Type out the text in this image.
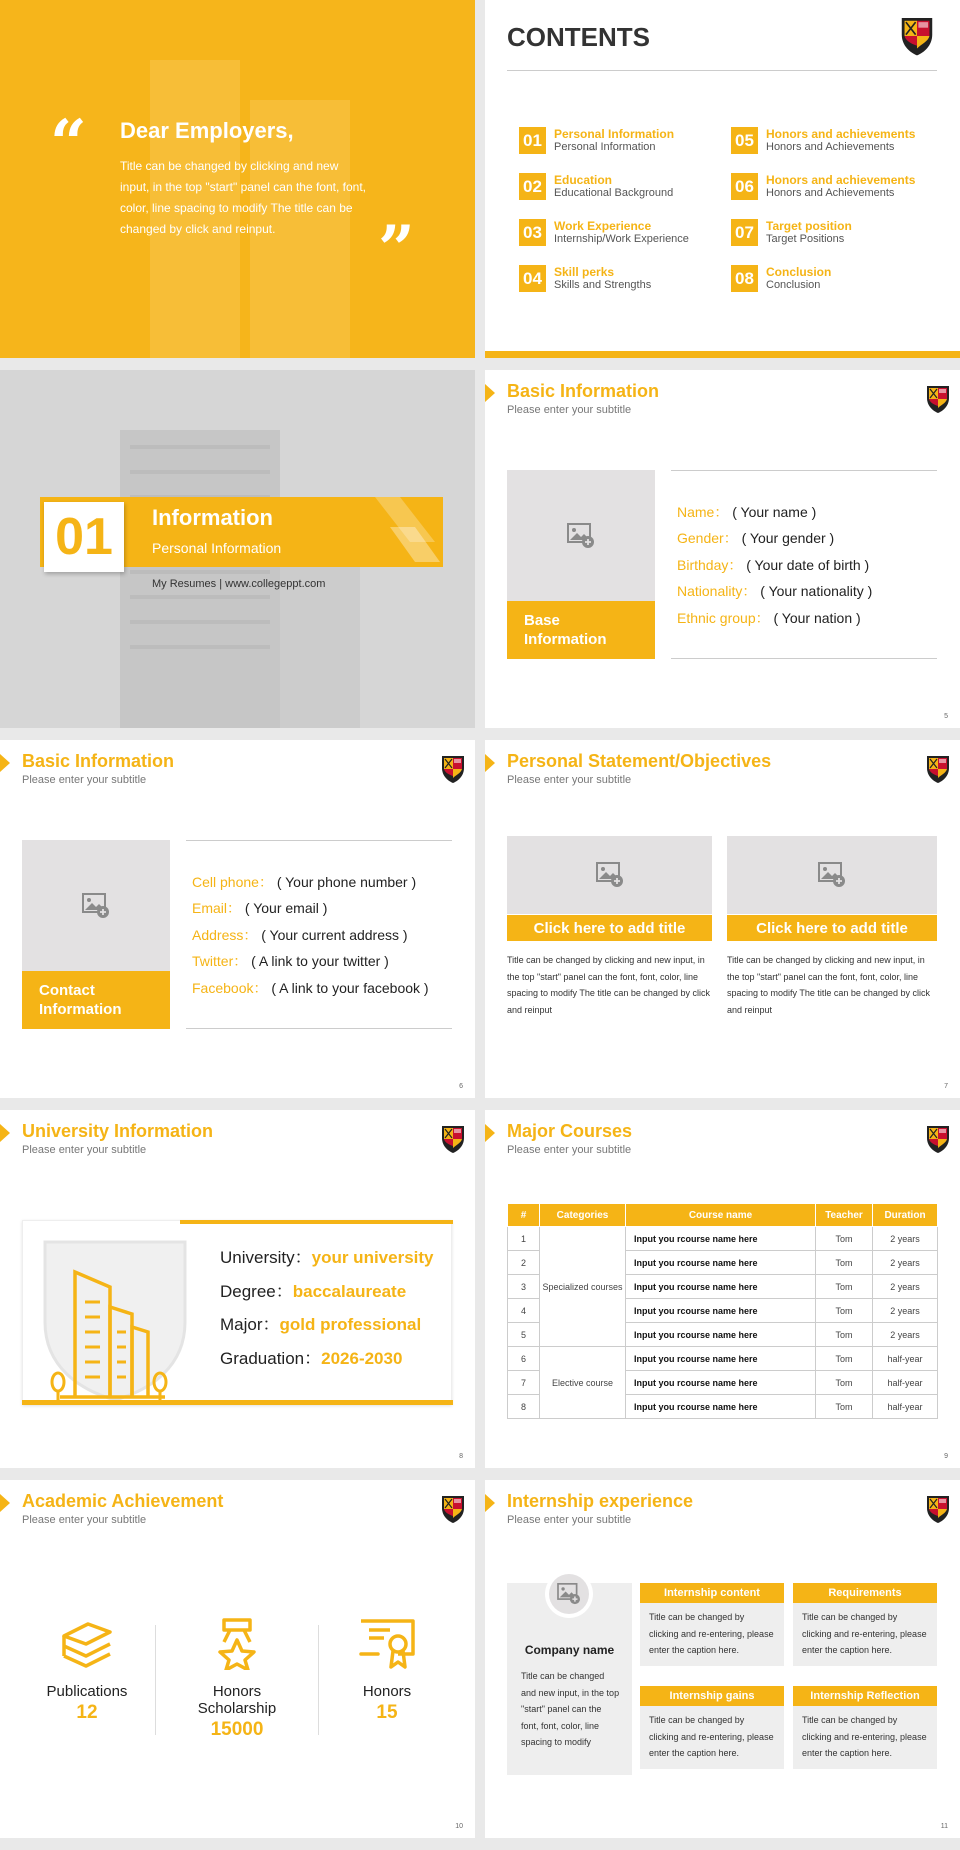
“ Dear Employers,
Title can be changed by clicking and new input, in the top "start" panel can the font, font, color, line spacing to modify The title can be changed by click and reinput.	”
CONTENTS
01	Personal Information
Personal Information
02	Education
Educational Background
03	Work Experience
Internship/Work Experience
04	Skill perks
Skills and Strengths
05	Honors and achievements
Honors and Achievements
06	Honors and achievements
Honors and Achievements
07	Target position
Target Positions
08	Conclusion
Conclusion
01	Information
Personal Information
My Resumes | www.collegeppt.com
Basic Information
Please enter your subtitle
Base Information
Name： ( Your name )
Gender： ( Your gender )
Birthday： ( Your date of birth )
Nationality： ( Your nationality )
Ethnic group： ( Your nation )
5
Basic Information
Please enter your subtitle
Contact Information
Cell phone： ( Your phone number )
Email： ( Your email )
Address： ( Your current address )
Twitter： ( A link to your twitter )
Facebook： ( A link to your facebook )
6
Personal Statement/Objectives
Please enter your subtitle
Click here to add title
Title can be changed by clicking and new input, in the top "start" panel can the font, font, color, line spacing to modify The title can be changed by click and reinput
Click here to add title
Title can be changed by clicking and new input, in the top "start" panel can the font, font, color, line spacing to modify The title can be changed by click and reinput
7
University Information
Please enter your subtitle
University：your university
Degree：baccalaureate
Major：gold professional
Graduation：2026-2030
8
Major Courses
Please enter your subtitle
#	Categories	Course name	Teacher	Duration
1	Specialized courses	Input you rcourse name here	Tom	2 years
2		Input you rcourse name here	Tom	2 years
3		Input you rcourse name here	Tom	2 years
4		Input you rcourse name here	Tom	2 years
5		Input you rcourse name here	Tom	2 years
6	Elective course	Input you rcourse name here	Tom	half-year
7		Input you rcourse name here	Tom	half-year
8		Input you rcourse name here	Tom	half-year
9
Academic Achievement
Please enter your subtitle
Publications
12
Honors Scholarship
15000
Honors
15
10
Internship experience
Please enter your subtitle
Company name
Title can be changed and new input, in the top "start" panel can the font, font, color, line spacing to modify
Internship content
Title can be changed by clicking and re-entering, please enter the caption here.
Requirements
Title can be changed by clicking and re-entering, please enter the caption here.
Internship gains
Title can be changed by clicking and re-entering, please enter the caption here.
Internship Reflection
Title can be changed by clicking and re-entering, please enter the caption here.
11
